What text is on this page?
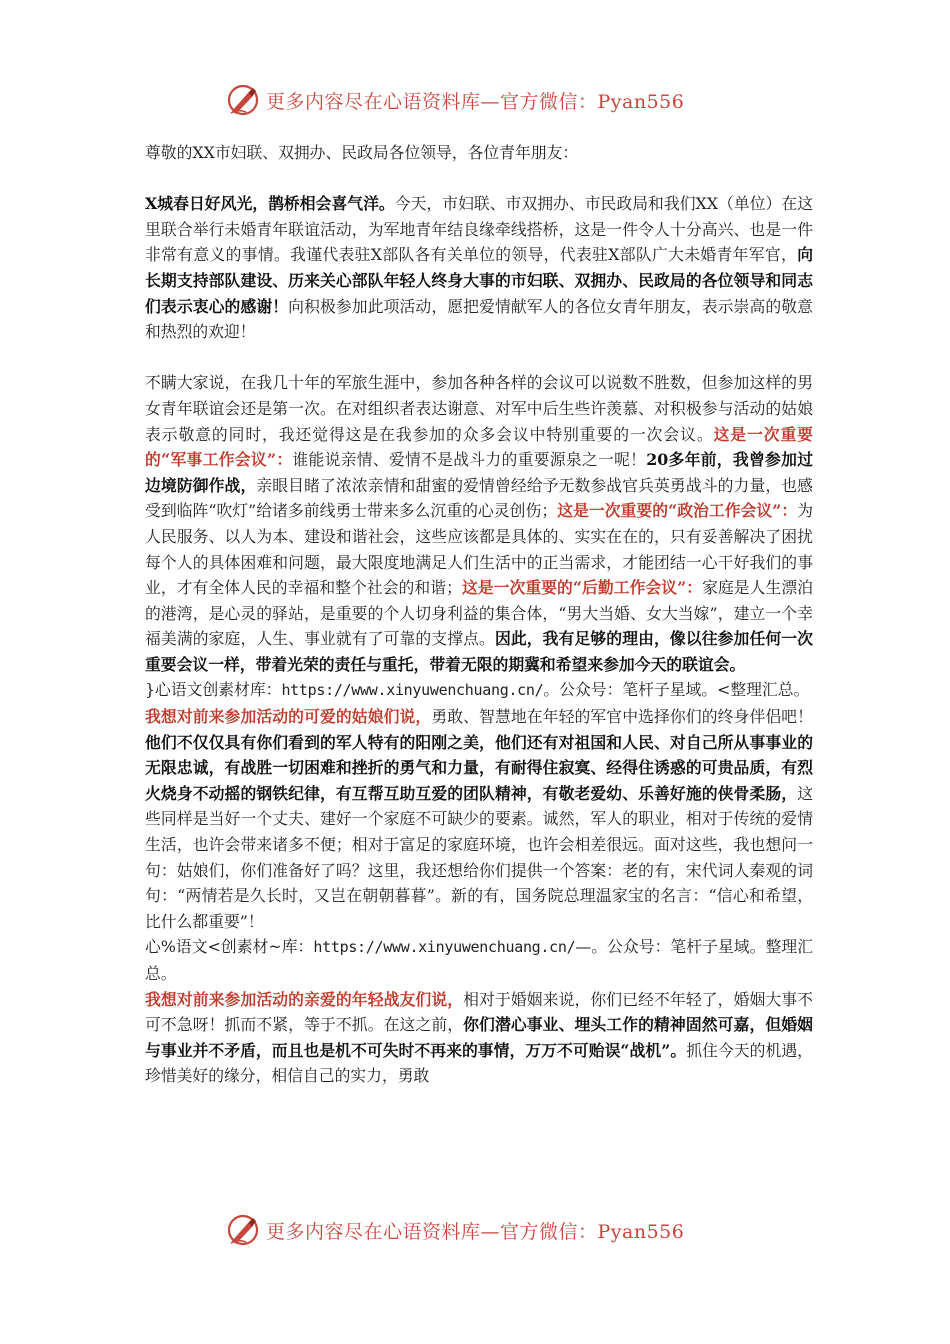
更多内容尽在心语资料库—官方微信：Pyan556

尊敬的XX市妇联、双拥办、民政局各位领导，各位青年朋友：

X城春日好风光，鹊桥相会喜气洋。今天，市妇联、市双拥办、市民政局和我们XX（单位）在这里联合举行未婚青年联谊活动，为军地青年结良缘牵线搭桥，这是一件令人十分高兴、也是一件非常有意义的事情。我谨代表驻X部队各有关单位的领导，代表驻X部队广大未婚青年军官，向长期支持部队建设、历来关心部队年轻人终身大事的市妇联、双拥办、民政局的各位领导和同志们表示衷心的感谢！向积极参加此项活动，愿把爱情献军人的各位女青年朋友，表示崇高的敬意和热烈的欢迎！

不瞒大家说，在我几十年的军旅生涯中，参加各种各样的会议可以说数不胜数，但参加这样的男女青年联谊会还是第一次。在对组织者表达谢意、对军中后生些许羡慕、对积极参与活动的姑娘表示敬意的同时，我还觉得这是在我参加的众多会议中特别重要的一次会议。这是一次重要的“军事工作会议”：谁能说亲情、爱情不是战斗力的重要源泉之一呢！20多年前，我曾参加过边境防御作战，亲眼目睹了浓浓亲情和甜蜜的爱情曾经给予无数参战官兵英勇战斗的力量，也感受到临阵“吹灯”给诸多前线勇士带来多么沉重的心灵创伤；这是一次重要的“政治工作会议”：为人民服务、以人为本、建设和谐社会，这些应该都是具体的、实实在在的，只有妥善解决了困扰每个人的具体困难和问题，最大限度地满足人们生活中的正当需求，才能团结一心干好我们的事业，才有全体人民的幸福和整个社会的和谐；这是一次重要的“后勤工作会议”：家庭是人生漂泊的港湾，是心灵的驿站，是重要的个人切身利益的集合体，“男大当婚、女大当嫁”，建立一个幸福美满的家庭，人生、事业就有了可靠的支撑点。因此，我有足够的理由，像以往参加任何一次重要会议一样，带着光荣的责任与重托，带着无限的期冀和希望来参加今天的联谊会。

}心语文创素材库：https://www.xinyuwenchuang.cn/。公众号：笔杆子星域。<整理汇总。

我想对前来参加活动的可爱的姑娘们说，勇敢、智慧地在年轻的军官中选择你们的终身伴侣吧！他们不仅仅具有你们看到的军人特有的阳刚之美，他们还有对祖国和人民、对自己所从事事业的无限忠诚，有战胜一切困难和挫折的勇气和力量，有耐得住寂寞、经得住诱惑的可贵品质，有烈火烧身不动摇的钢铁纪律，有互帮互助互爱的团队精神，有敬老爱幼、乐善好施的侠骨柔肠，这些同样是当好一个丈夫、建好一个家庭不可缺少的要素。诚然，军人的职业，相对于传统的爱情生活，也许会带来诸多不便；相对于富足的家庭环境，也许会相差很远。面对这些，我也想问一句：姑娘们，你们准备好了吗？这里，我还想给你们提供一个答案：老的有，宋代词人秦观的词句：“两情若是久长时，又岂在朝朝暮暮”。新的有，国务院总理温家宝的名言：“信心和希望，比什么都重要”！

心%语文<创素材~库：https://www.xinyuwenchuang.cn/—。公众号：笔杆子星域。整理汇总。

我想对前来参加活动的亲爱的年轻战友们说，相对于婚姻来说，你们已经不年轻了，婚姻大事不可不急呀！抓而不紧，等于不抓。在这之前，你们潜心事业、埋头工作的精神固然可嘉，但婚姻与事业并不矛盾，而且也是机不可失时不再来的事情，万万不可贻误“战机”。抓住今天的机遇，珍惜美好的缘分，相信自己的实力，勇敢

更多内容尽在心语资料库—官方微信：Pyan556
